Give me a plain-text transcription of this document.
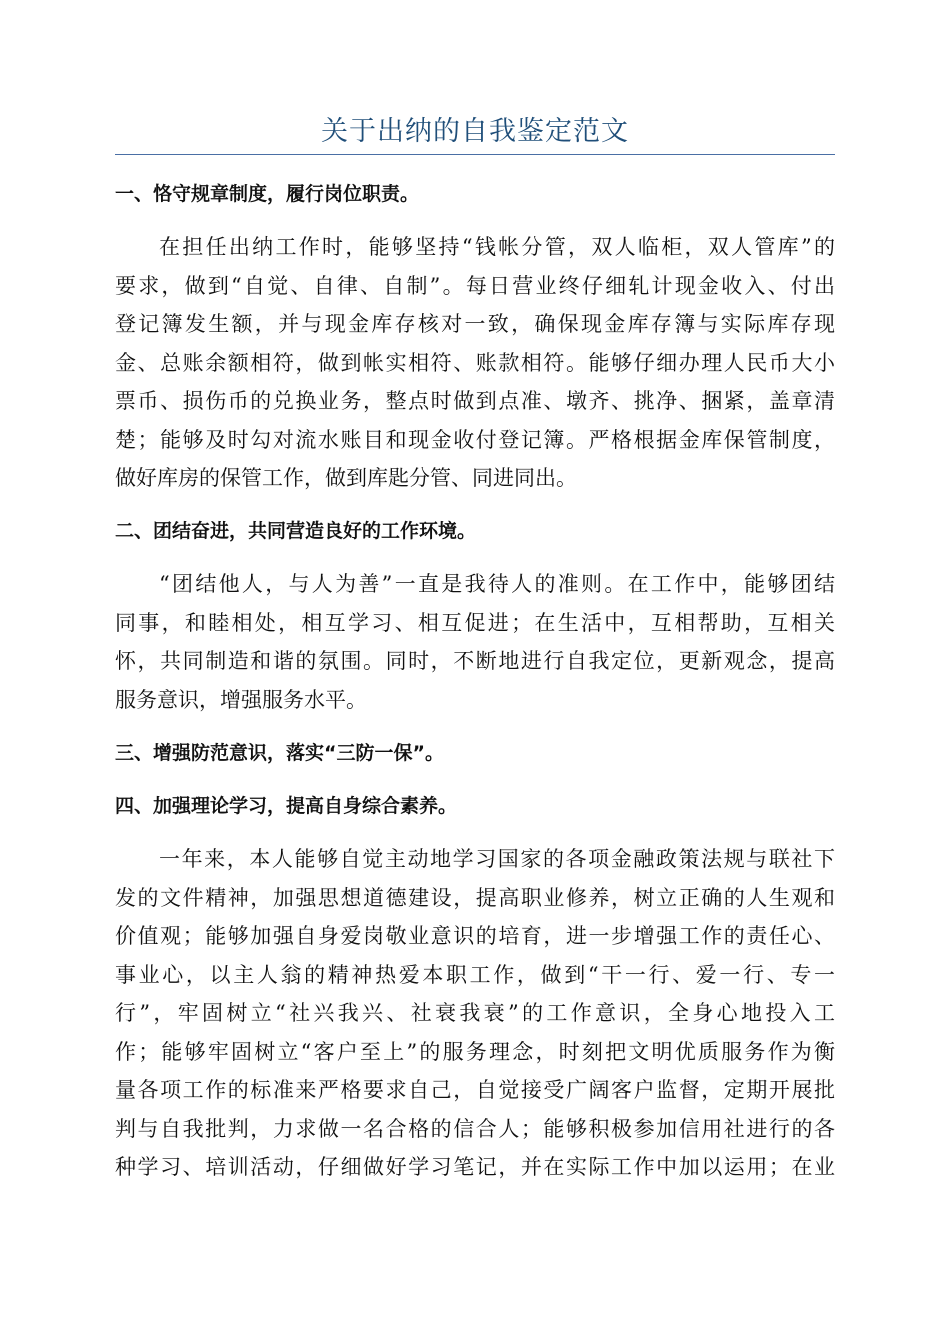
关于出纳的自我鉴定范文
一、恪守规章制度，履行岗位职责。
在担任出纳工作时，能够坚持“钱帐分管，双人临柜，双人管库”的
要求，做到“自觉、自律、自制”。每日营业终仔细轧计现金收入、付出
登记簿发生额，并与现金库存核对一致，确保现金库存簿与实际库存现
金、总账余额相符，做到帐实相符、账款相符。能够仔细办理人民币大小
票币、损伤币的兑换业务，整点时做到点准、墩齐、挑净、捆紧，盖章清
楚；能够及时勾对流水账目和现金收付登记簿。严格根据金库保管制度，
做好库房的保管工作，做到库匙分管、同进同出。
二、团结奋进，共同营造良好的工作环境。
“团结他人，与人为善”一直是我待人的准则。在工作中，能够团结
同事，和睦相处，相互学习、相互促进；在生活中，互相帮助，互相关
怀，共同制造和谐的氛围。同时，不断地进行自我定位，更新观念，提高
服务意识，增强服务水平。
三、增强防范意识，落实“三防一保”。
四、加强理论学习，提高自身综合素养。
一年来，本人能够自觉主动地学习国家的各项金融政策法规与联社下
发的文件精神，加强思想道德建设，提高职业修养，树立正确的人生观和
价值观；能够加强自身爱岗敬业意识的培育，进一步增强工作的责任心、
事业心，以主人翁的精神热爱本职工作，做到“干一行、爱一行、专一
行”，牢固树立“社兴我兴、社衰我衰”的工作意识，全身心地投入工
作；能够牢固树立“客户至上”的服务理念，时刻把文明优质服务作为衡
量各项工作的标准来严格要求自己，自觉接受广阔客户监督，定期开展批
判与自我批判，力求做一名合格的信合人；能够积极参加信用社进行的各
种学习、培训活动，仔细做好学习笔记，并在实际工作中加以运用；在业
